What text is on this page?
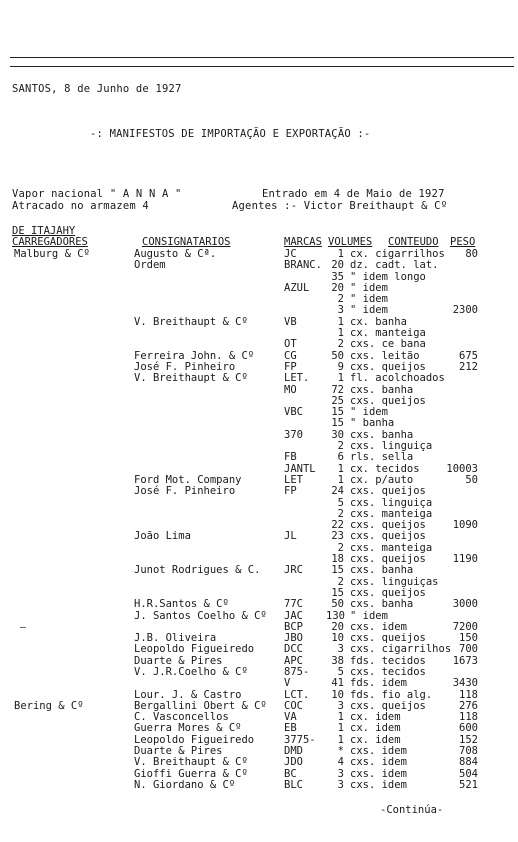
SANTOS, 8 de Junho de 1927
-: MANIFESTOS DE IMPORTAÇÃO E EXPORTAÇÃO :-
Vapor nacional " A N N A "
Atracado no armazem 4
Entrado em 4 de Maio de 1927
Agentes :- Victor Breithaupt & Cº
DE ITAJAHY
CARREGADORES	CONSIGNATARIOS	MARCAS VOLUMES CONTEUDO PESO
Malburg & Cº	Augusto & Cª.	JC	1 cx. cigarrilhos	80
Ordem	BRANC. 20 dz. cadt. lat.
35 " idem longo
AZUL	20 " idem
2 " idem
3 " idem	2300
V. Breithaupt & Cº	VB	1 cx. banha
1 cx. manteiga
OT	2 cxs. ce bana
Ferreira John. & Cº	CG	50 cxs. leitão	675
José F. Pinheiro	FP	9 cxs. queijos	212
V. Breithaupt & Cº	LET.	1 fl. acolchoados
MO	72 cxs. banha
25 cxs. queijos
VBC	15 " idem
15 " banha
370	30 cxs. banha
2 cxs. linguiça
FB	6 rls. sella
JANTL	1 cx. tecidos	10003
Ford Mot. Company	LET	1 cx. p/auto	50
José F. Pinheiro	FP	24 cxs. queijos
5 cxs. linguiça
2 cxs. manteiga
22 cxs. queijos	1090
João Lima	JL	23 cxs. queijos
2 cxs. manteiga
18 cxs. queijos	1190
Junot Rodrigues & C. JRC	15 cxs. banha
2 cxs. linguiças
15 cxs. queijos
H.R.Santos & Cº	77C	50 cxs. banha	3000
J. Santos Coelho & Cº JAC 130 " idem
BCP	20 cxs. idem	7200
J.B. Oliveira	JBO	10 cxs. queijos	150
Leopoldo Figueiredo	DCC	3 cxs. cigarrilhos 700
Duarte & Pires	APC	38 fds. tecidos	1673
V. J.R.Coelho & Cº	875-	5 cxs. tecidos
V	41 fds. idem	3430
Lour. J. & Castro	LCT.	10 fds. fio alg.	118
Bering & Cº	Bergallini Obert & Cº COC	3 cxs. queijos	276
C. Vasconcellos	VA	1 cx. idem	118
Guerra Mores & Cº	EB	1 cx. idem	600
Leopoldo Figueiredo	3775-	1 cx. idem	152
Duarte & Pires	DMD	* cxs. idem	708
V. Breithaupt & Cº	JDO	4 cxs. idem	884
Gioffi Guerra & Cº	BC	3 cxs. idem	504
N. Giordano & Cº	BLC	3 cxs. idem	521
—
-Continúa-
